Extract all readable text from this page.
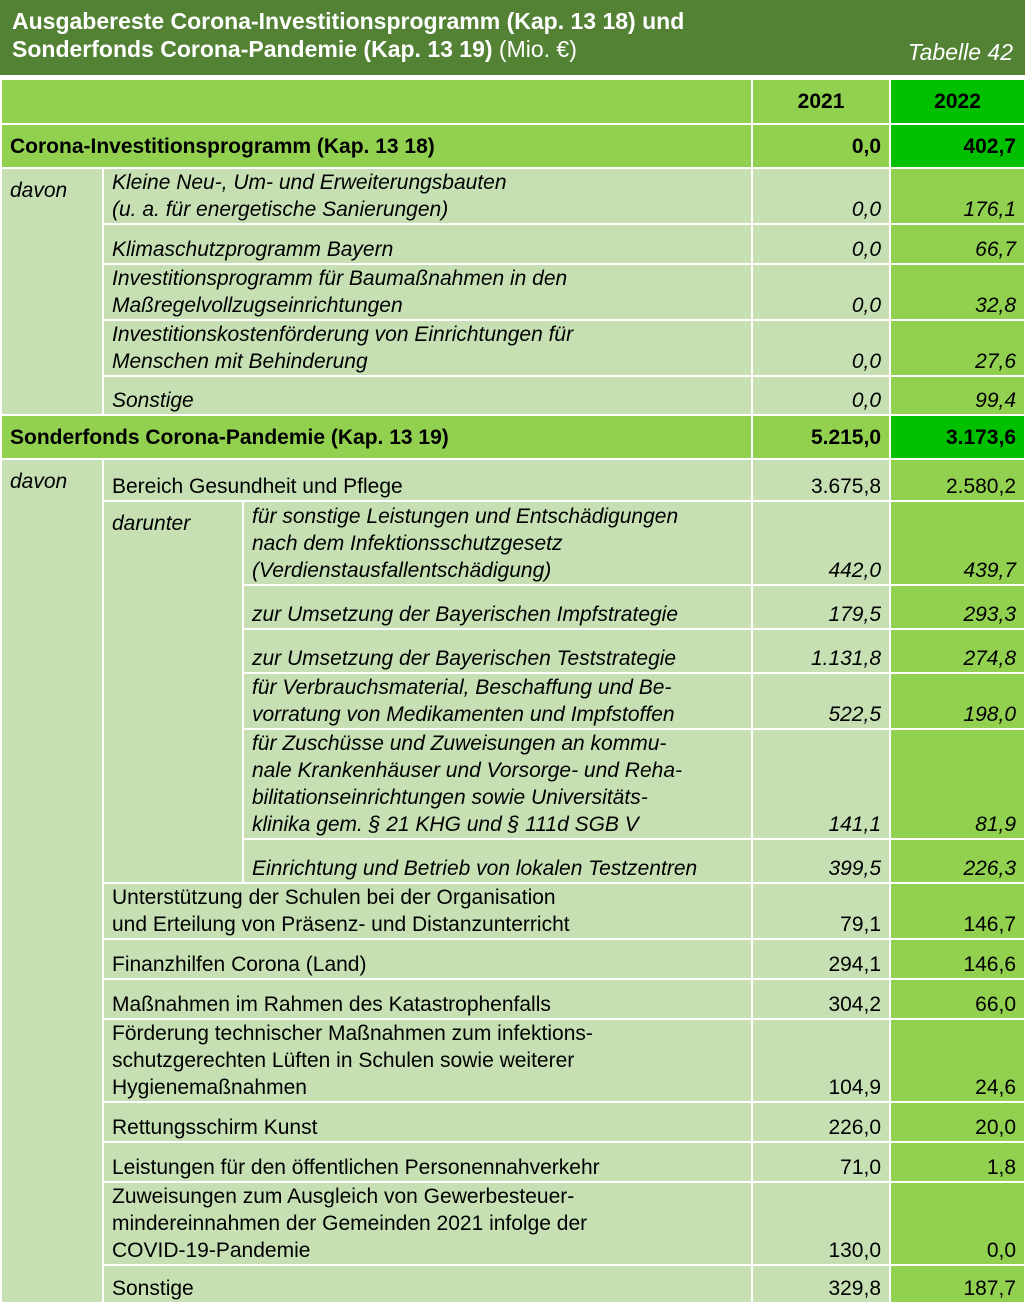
Ausgabereste Corona-Investitionsprogramm (Kap. 13 18) und
Sonderfonds Corona-Pandemie (Kap. 13 19) (Mio. €)	Tabelle 42
			2021	2022
Corona-Investitionsprogramm (Kap. 13 18)			0,0	402,7
davon	Kleine Neu-, Um- und Erweiterungsbauten
(u. a. für energetische Sanierungen)		0,0	176,1

	Klimaschutzprogramm Bayern		0,0	66,7

	Investitionsprogramm für Baumaßnahmen in den
Maßregelvollzugseinrichtungen		0,0	32,8

	Investitionskostenförderung von Einrichtungen für
Menschen mit Behinderung		0,0	27,6

	Sonstige		0,0	99,4
Sonderfonds Corona-Pandemie (Kap. 13 19)			5.215,0	3.173,6
davon	Bereich Gesundheit und Pflege		3.675,8	2.580,2
	darunter	für sonstige Leistungen und Entschädigungen
nach dem Infektionsschutzgesetz
(Verdienstausfallentschädigung)	442,0	439,7

		zur Umsetzung der Bayerischen Impfstrategie	179,5	293,3

		zur Umsetzung der Bayerischen Teststrategie	1.131,8	274,8

		für Verbrauchsmaterial, Beschaffung und Be-
vorratung von Medikamenten und Impfstoffen	522,5	198,0

		für Zuschüsse und Zuweisungen an kommu-
nale Krankenhäuser und Vorsorge- und Reha-
bilitationseinrichtungen sowie Universitäts-
klinika gem. § 21 KHG und § 111d SGB V	141,1	81,9

		Einrichtung und Betrieb von lokalen Testzentren	399,5	226,3

	Unterstützung der Schulen bei der Organisation
und Erteilung von Präsenz- und Distanzunterricht		79,1	146,7

	Finanzhilfen Corona (Land)		294,1	146,6

	Maßnahmen im Rahmen des Katastrophenfalls		304,2	66,0

	Förderung technischer Maßnahmen zum infektions-
schutzgerechten Lüften in Schulen sowie weiterer
Hygienemaßnahmen		104,9	24,6

	Rettungsschirm Kunst		226,0	20,0

	Leistungen für den öffentlichen Personennahverkehr		71,0	1,8

	Zuweisungen zum Ausgleich von Gewerbesteuer-
mindereinnahmen der Gemeinden 2021 infolge der
COVID-19-Pandemie		130,0	0,0

	Sonstige		329,8	187,7
